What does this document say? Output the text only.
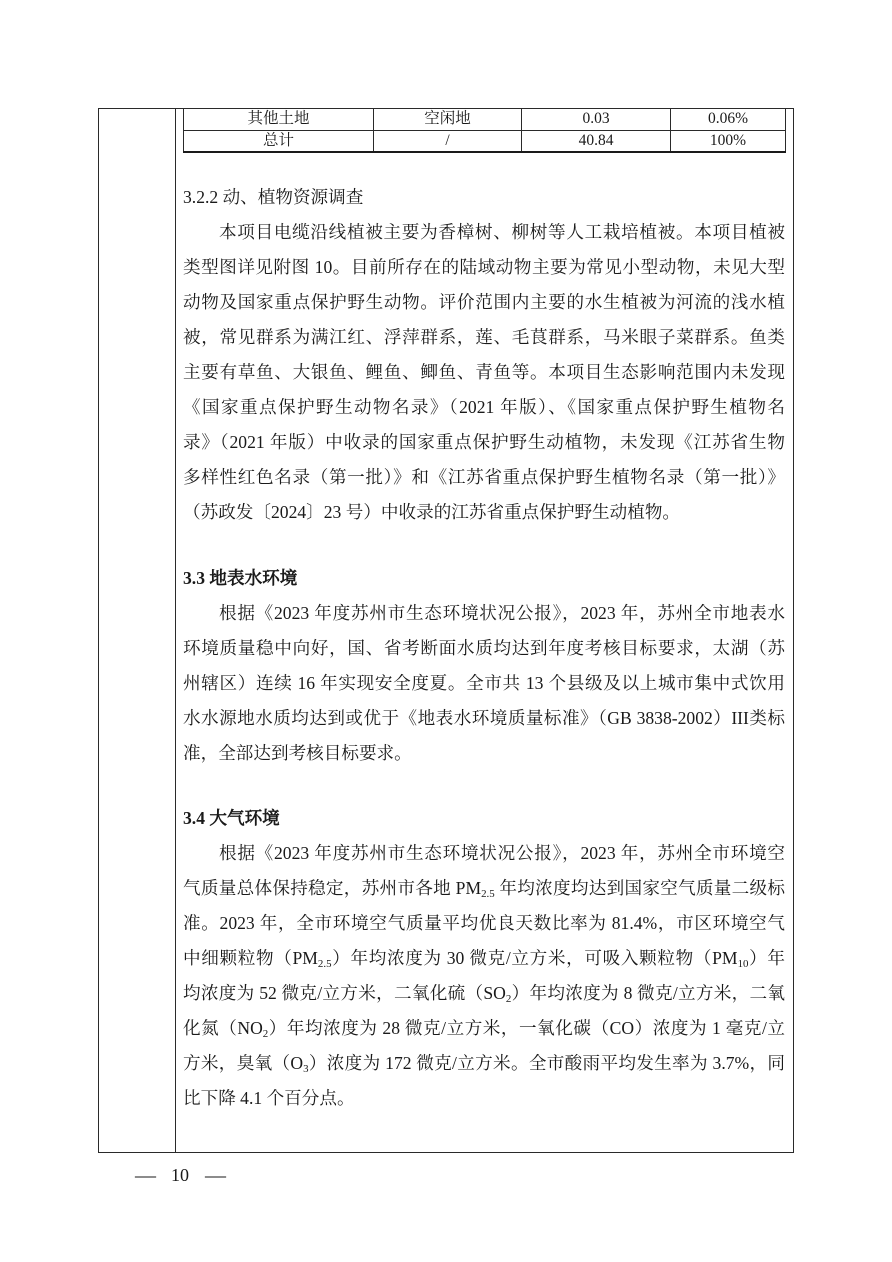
其他土地	空闲地	0.03	0.06%
总计	/	40.84	100%
3.2.2 动、植物资源调查
本项目电缆沿线植被主要为香樟树、柳树等人工栽培植被。本项目植被
类型图详见附图 10。目前所存在的陆域动物主要为常见小型动物，未见大型
动物及国家重点保护野生动物。评价范围内主要的水生植被为河流的浅水植
被，常见群系为满江红、浮萍群系，莲、毛茛群系，马米眼子菜群系。鱼类
主要有草鱼、大银鱼、鲤鱼、鲫鱼、青鱼等。本项目生态影响范围内未发现
《国家重点保护野生动物名录》（2021 年版）、《国家重点保护野生植物名
录》（2021 年版）中收录的国家重点保护野生动植物，未发现《江苏省生物
多样性红色名录（第一批）》和《江苏省重点保护野生植物名录（第一批）》
（苏政发〔2024〕23 号）中收录的江苏省重点保护野生动植物。
3.3 地表水环境
根据《2023 年度苏州市生态环境状况公报》，2023 年，苏州全市地表水
环境质量稳中向好，国、省考断面水质均达到年度考核目标要求，太湖（苏
州辖区）连续 16 年实现安全度夏。全市共 13 个县级及以上城市集中式饮用
水水源地水质均达到或优于《地表水环境质量标准》（GB 3838-2002）III类标
准，全部达到考核目标要求。
3.4 大气环境
根据《2023 年度苏州市生态环境状况公报》，2023 年，苏州全市环境空
气质量总体保持稳定，苏州市各地 $PM_{2.5}$ 年均浓度均达到国家空气质量二级标
准。2023 年，全市环境空气质量平均优良天数比率为 81.4%，市区环境空气
中细颗粒物$(PM_{2.5})$年均浓度为 30 微克/立方米，可吸入颗粒物$(PM_{10})$年
均浓度为 52 微克/立方米，二氧化硫$(SO_2)$年均浓度为 8 微克/立方米，二氧
化氮$(NO_2)$年均浓度为 28 微克/立方米，一氧化碳（CO）浓度为 1 毫克/立
方米，臭氧$(O_3)$浓度为 172 微克/立方米。全市酸雨平均发生率为 3.7%，同
比下降 4.1 个百分点。
— 10 —
